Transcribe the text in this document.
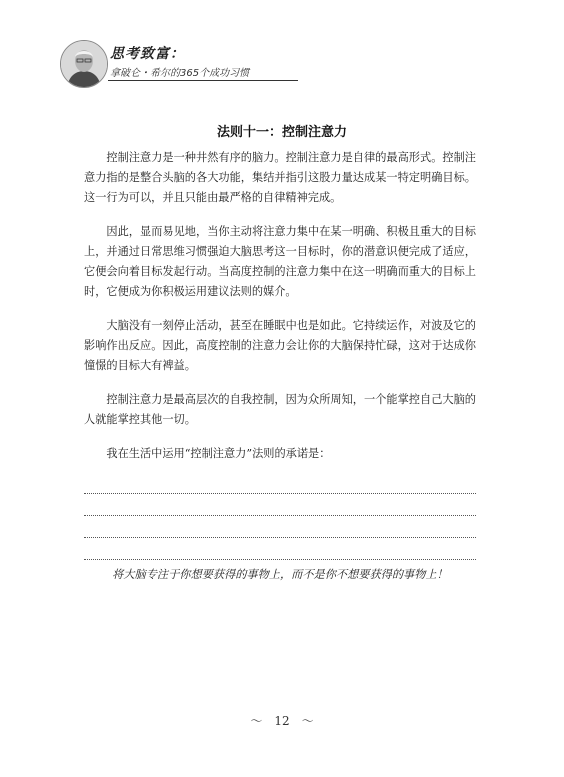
思考致富：
拿破仑・希尔的365个成功习惯
法则十一：控制注意力

控制注意力是一种井然有序的脑力。控制注意力是自律的最高形式。控制注意力指的是整合头脑的各大功能，集结并指引这股力量达成某一特定明确目标。这一行为可以，并且只能由最严格的自律精神完成。

因此，显而易见地，当你主动将注意力集中在某一明确、积极且重大的目标上，并通过日常思维习惯强迫大脑思考这一目标时，你的潜意识便完成了适应，它便会向着目标发起行动。当高度控制的注意力集中在这一明确而重大的目标上时，它便成为你积极运用建议法则的媒介。

大脑没有一刻停止活动，甚至在睡眠中也是如此。它持续运作，对波及它的影响作出反应。因此，高度控制的注意力会让你的大脑保持忙碌，这对于达成你憧憬的目标大有裨益。

控制注意力是最高层次的自我控制，因为众所周知，一个能掌控自己大脑的人就能掌控其他一切。

我在生活中运用“控制注意力”法则的承诺是：

将大脑专注于你想要获得的事物上，而不是你不想要获得的事物上！
〜　12　〜
